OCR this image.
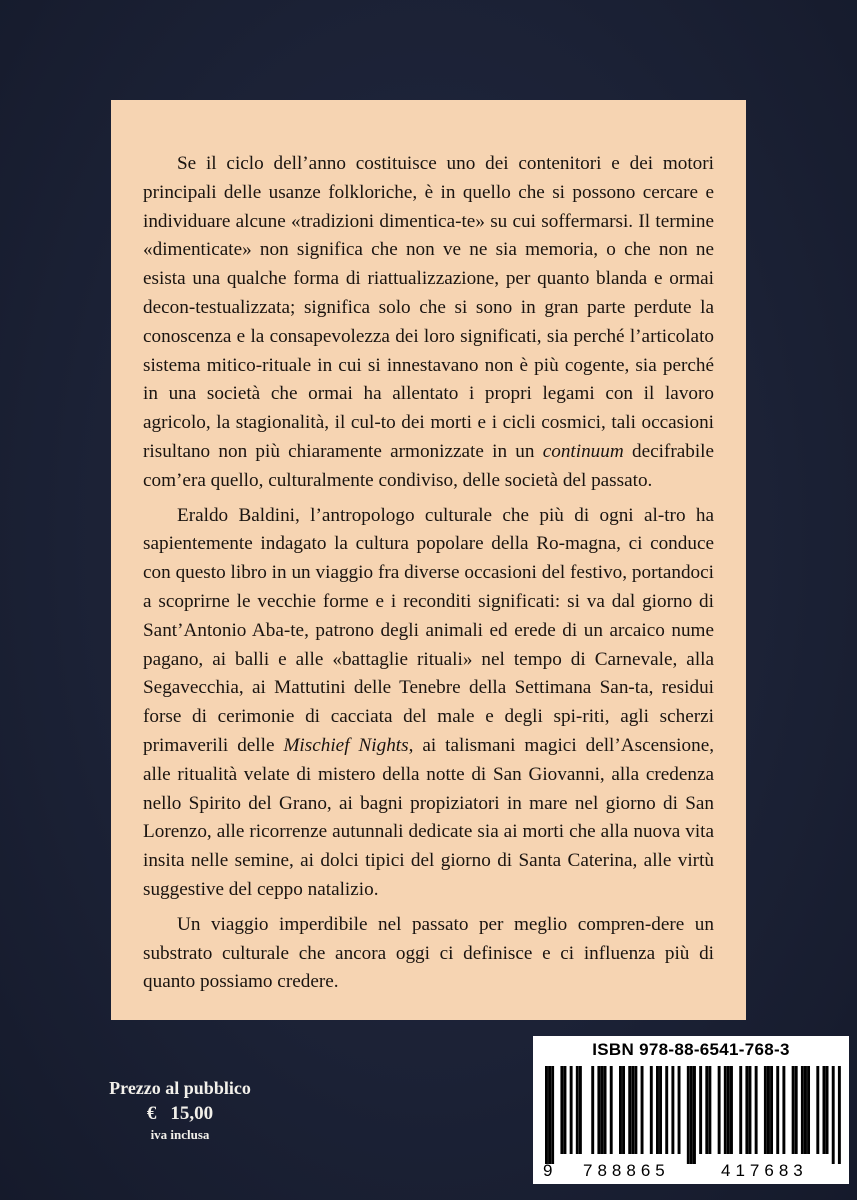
Se il ciclo dell’anno costituisce uno dei contenitori e dei motori principali delle usanze folkloriche, è in quello che si possono cercare e individuare alcune «tradizioni dimentica-te» su cui soffermarsi. Il termine «dimenticate» non significa che non ve ne sia memoria, o che non ne esista una qualche forma di riattualizzazione, per quanto blanda e ormai decon-testualizzata; significa solo che si sono in gran parte perdute la conoscenza e la consapevolezza dei loro significati, sia perché l’articolato sistema mitico-rituale in cui si innestavano non è più cogente, sia perché in una società che ormai ha allentato i propri legami con il lavoro agricolo, la stagionalità, il cul-to dei morti e i cicli cosmici, tali occasioni risultano non più chiaramente armonizzate in un continuum decifrabile com’era quello, culturalmente condiviso, delle società del passato.

Eraldo Baldini, l’antropologo culturale che più di ogni al-tro ha sapientemente indagato la cultura popolare della Ro-magna, ci conduce con questo libro in un viaggio fra diverse occasioni del festivo, portandoci a scoprirne le vecchie forme e i reconditi significati: si va dal giorno di Sant’Antonio Aba-te, patrono degli animali ed erede di un arcaico nume pagano, ai balli e alle «battaglie rituali» nel tempo di Carnevale, alla Segavecchia, ai Mattutini delle Tenebre della Settimana San-ta, residui forse di cerimonie di cacciata del male e degli spi-riti, agli scherzi primaverili delle Mischief Nights, ai talismani magici dell’Ascensione, alle ritualità velate di mistero della notte di San Giovanni, alla credenza nello Spirito del Grano, ai bagni propiziatori in mare nel giorno di San Lorenzo, alle ricorrenze autunnali dedicate sia ai morti che alla nuova vita insita nelle semine, ai dolci tipici del giorno di Santa Caterina, alle virtù suggestive del ceppo natalizio.

Un viaggio imperdibile nel passato per meglio compren-dere un substrato culturale che ancora oggi ci definisce e ci influenza più di quanto possiamo credere.

Prezzo al pubblico
€ 15,00
iva inclusa
ISBN 978-88-6541-768-3
9 788865	417683
